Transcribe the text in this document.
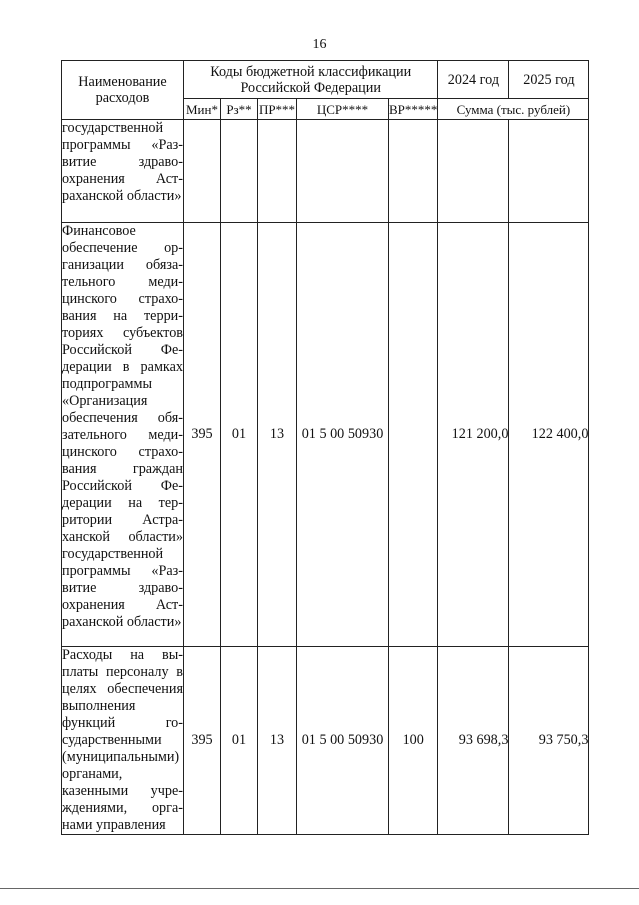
16
Наименование расходов	Коды бюджетной классификации Российской Федерации					2024 год	2025 год
	Мин*	Рз**	ПР***	ЦСР****	ВР*****	Сумма (тыс. рублей)	
государственной программы «Развитие здравоохранения Астраханской области»							
Финансовое обеспечение организации обязательного медицинского страхования на территориях субъектов Российской Федерации в рамках подпрограммы «Организация обеспечения обязательного медицинского страхования граждан Российской Федерации на территории Астраханской области» государственной программы «Развитие здравоохранения Астраханской области»	395	01	13	01 5 00 50930		121 200,0	122 400,0
Расходы на выплаты персоналу в целях обеспечения выполнения функций государственными (муниципальными) органами, казенными учреждениями, органами управления	395	01	13	01 5 00 50930	100	93 698,3	93 750,3
